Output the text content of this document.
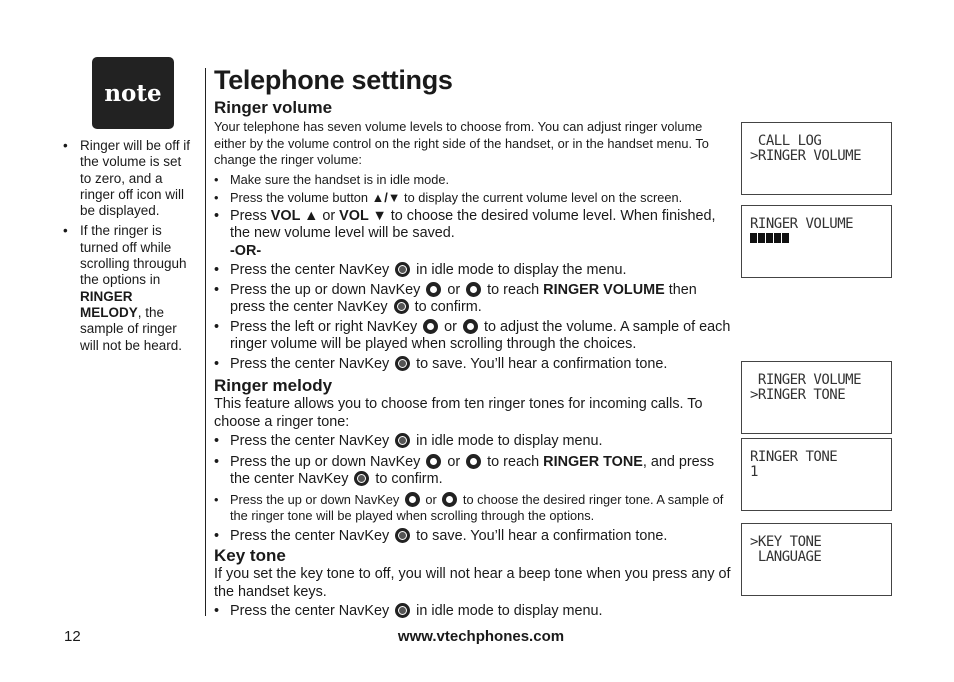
note
• Ringer will be off if the volume is set to zero, and a ringer off icon will be displayed.
• If the ringer is turned off while scrolling througuh the options in RINGER MELODY, the sample of ringer will not be heard.
Telephone settings
Ringer volume

Your telephone has seven volume levels to choose from. You can adjust ringer volume either by the volume control on the right side of the handset, or in the handset menu. To change the ringer volume:

• Make sure the handset is in idle mode.
• Press the volume button ▲/▼ to display the current volume level on the screen.
• Press VOL ▲ or VOL ▼ to choose the desired volume level. When finished, the new volume level will be saved.
-OR-
• Press the center NavKey  in idle mode to display the menu.
• Press the up or down NavKey  or  to reach RINGER VOLUME then press the center NavKey  to confirm.
• Press the left or right NavKey  or  to adjust the volume. A sample of each ringer volume will be played when scrolling through the choices.
• Press the center NavKey  to save. You’ll hear a confirmation tone.
Ringer melody

This feature allows you to choose from ten ringer tones for incoming calls. To choose a ringer tone:

• Press the center NavKey  in idle mode to display menu.
• Press the up or down NavKey  or  to reach RINGER TONE, and press the center NavKey  to confirm.
• Press the up or down NavKey  or  to choose the desired ringer tone. A sample of the ringer tone will be played when scrolling through the options.
• Press the center NavKey  to save. You’ll hear a confirmation tone.
Key tone

If you set the key tone to off, you will not hear a beep tone when you press any of the handset keys.

• Press the center NavKey  in idle mode to display menu.
CALL LOG
>RINGER VOLUME
RINGER VOLUME
RINGER VOLUME
>RINGER TONE
RINGER TONE
1
>KEY TONE
LANGUAGE
12	www.vtechphones.com
